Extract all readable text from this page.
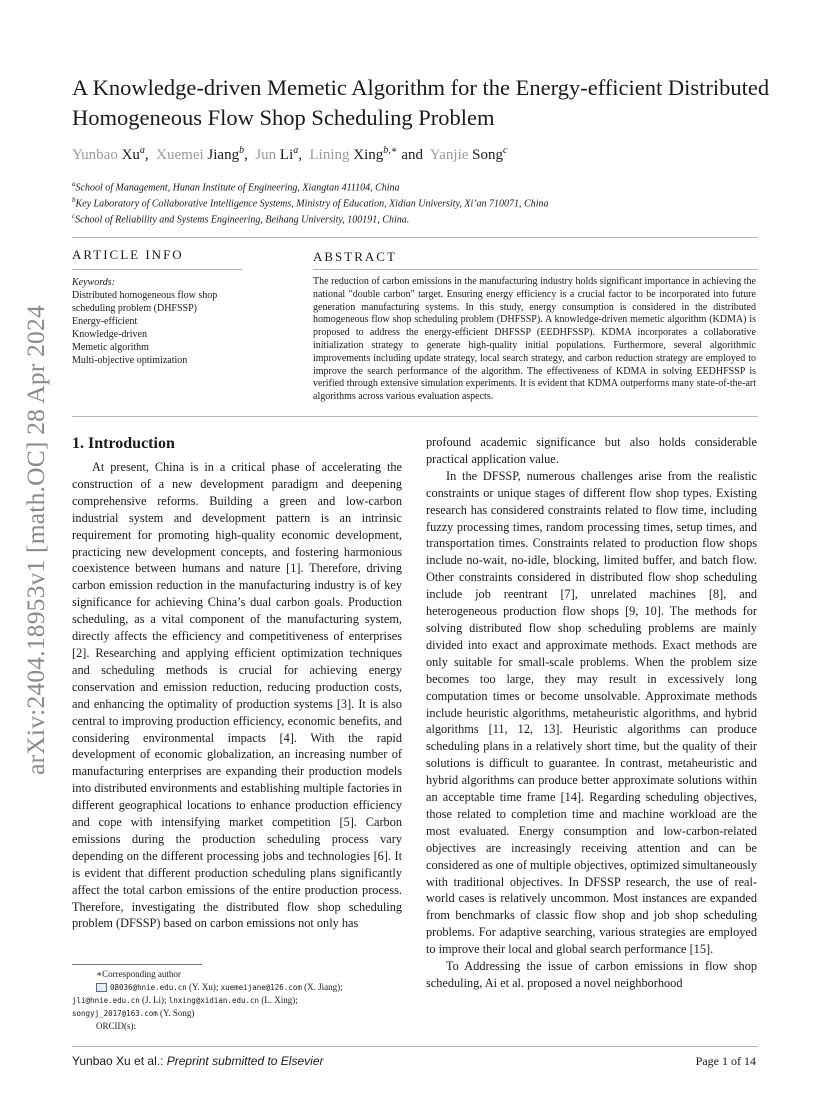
arXiv:2404.18953v1 [math.OC] 28 Apr 2024
A Knowledge-driven Memetic Algorithm for the Energy-efficient Distributed Homogeneous Flow Shop Scheduling Problem
Yunbao Xu$^a$,  Xuemei Jiang$^b$,  Jun Li$^a$,  Lining Xing$^{b,∗}$ and  Yanjie Song$^c$
$^a$School of Management, Hunan Institute of Engineering, Xiangtan 411104, China
$^b$Key Laboratory of Collaborative Intelligence Systems, Ministry of Education, Xidian University, Xi’an 710071, China
$^c$School of Reliability and Systems Engineering, Beihang University, 100191, China.
ARTICLE INFO	ABSTRACT
Keywords:
Distributed homogeneous flow shop
scheduling problem (DHFSSP)
Energy-efficient
Knowledge-driven
Memetic algorithm
Multi-objective optimization
The reduction of carbon emissions in the manufacturing industry holds significant importance in achieving the national "double carbon" target. Ensuring energy efficiency is a crucial factor to be incorporated into future generation manufacturing systems. In this study, energy consumption is considered in the distributed homogeneous flow shop scheduling problem (DHFSSP). A knowledge-driven memetic algorithm (KDMA) is proposed to address the energy-efficient DHFSSP (EEDHFSSP). KDMA incorporates a collaborative initialization strategy to generate high-quality initial populations. Furthermore, several algorithmic improvements including update strategy, local search strategy, and carbon reduction strategy are employed to improve the search performance of the algorithm. The effectiveness of KDMA in solving EEDHFSSP is verified through extensive simulation experiments. It is evident that KDMA outperforms many state-of-the-art algorithms across various evaluation aspects.
1. Introduction

At present, China is in a critical phase of accelerating the construction of a new development paradigm and deepening comprehensive reforms. Building a green and low-carbon industrial system and development pattern is an intrinsic requirement for promoting high-quality economic development, practicing new development concepts, and fostering harmonious coexistence between humans and nature [1]. Therefore, driving carbon emission reduction in the manufacturing industry is of key significance for achieving China’s dual carbon goals. Production scheduling, as a vital component of the manufacturing system, directly affects the efficiency and competitiveness of enterprises [2]. Researching and applying efficient optimization techniques and scheduling methods is crucial for achieving energy conservation and emission reduction, reducing production costs, and enhancing the optimality of production systems [3]. It is also central to improving production efficiency, economic benefits, and considering environmental impacts [4]. With the rapid development of economic globalization, an increasing number of manufacturing enterprises are expanding their production models into distributed environments and establishing multiple factories in different geographical locations to enhance production efficiency and cope with intensifying market competition [5]. Carbon emissions during the production scheduling process vary depending on the different processing jobs and technologies [6]. It is evident that different production scheduling plans significantly affect the total carbon emissions of the entire production process. Therefore, investigating the distributed flow shop scheduling problem (DFSSP) based on carbon emissions not only has

profound academic significance but also holds considerable practical application value.

In the DFSSP, numerous challenges arise from the realistic constraints or unique stages of different flow shop types. Existing research has considered constraints related to flow time, including fuzzy processing times, random processing times, setup times, and transportation times. Constraints related to production flow shops include no-wait, no-idle, blocking, limited buffer, and batch flow. Other constraints considered in distributed flow shop scheduling include job reentrant [7], unrelated machines [8], and heterogeneous production flow shops [9, 10]. The methods for solving distributed flow shop scheduling problems are mainly divided into exact and approximate methods. Exact methods are only suitable for small-scale problems. When the problem size becomes too large, they may result in excessively long computation times or become unsolvable. Approximate methods include heuristic algorithms, metaheuristic algorithms, and hybrid algorithms [11, 12, 13]. Heuristic algorithms can produce scheduling plans in a relatively short time, but the quality of their solutions is difficult to guarantee. In contrast, metaheuristic and hybrid algorithms can produce better approximate solutions within an acceptable time frame [14]. Regarding scheduling objectives, those related to completion time and machine workload are the most evaluated. Energy consumption and low-carbon-related objectives are increasingly receiving attention and can be considered as one of multiple objectives, optimized simultaneously with traditional objectives. In DFSSP research, the use of real-world cases is relatively uncommon. Most instances are expanded from benchmarks of classic flow shop and job shop scheduling problems. For adaptive searching, various strategies are employed to improve their local and global search performance [15].

To Addressing the issue of carbon emissions in flow shop scheduling, Ai et al. proposed a novel neighborhood

∗Corresponding author
08036@hnie.edu.cn (Y. Xu); xuemeijane@126.com (X. Jiang);
jli@hnie.edu.cn (J. Li); lnxing@xidian.edu.cn (L. Xing);
songyj_2017@163.com (Y. Song)
ORCID(s):
Yunbao Xu et al.: Preprint submitted to Elsevier	Page 1 of 14
